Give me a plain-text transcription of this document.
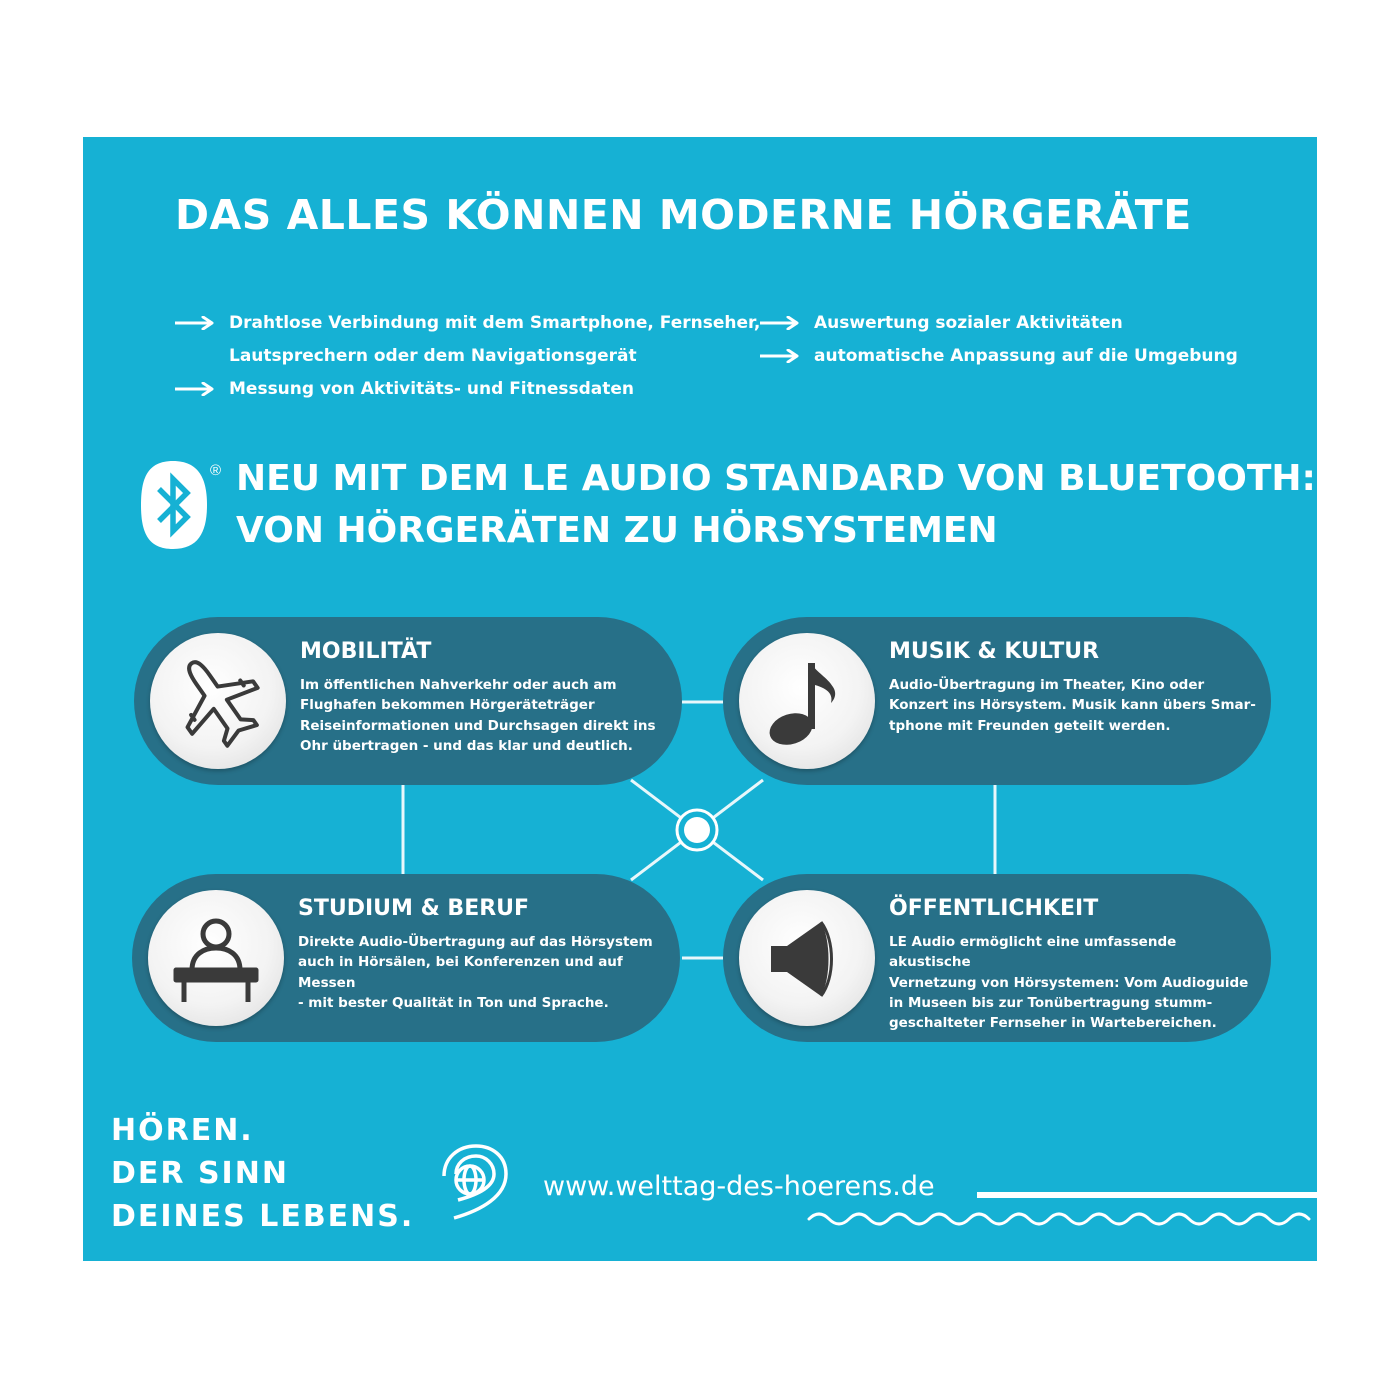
DAS ALLES KÖNNEN MODERNE HÖRGERÄTE
Drahtlose Verbindung mit dem Smartphone, Fernseher,
Lautsprechern oder dem Navigationsgerät
Messung von Aktivitäts- und Fitnessdaten
Auswertung sozialer Aktivitäten
automatische Anpassung auf die Umgebung
® NEU MIT DEM LE AUDIO STANDARD VON BLUETOOTH:
VON HÖRGERÄTEN ZU HÖRSYSTEMEN
MOBILITÄT

Im öffentlichen Nahverkehr oder auch am
Flughafen bekommen Hörgeräteträger
Reiseinformationen und Durchsagen direkt ins
Ohr übertragen - und das klar und deutlich.

MUSIK & KULTUR

Audio-Übertragung im Theater, Kino oder
Konzert ins Hörsystem. Musik kann übers Smar-
tphone mit Freunden geteilt werden.

STUDIUM & BERUF

Direkte Audio-Übertragung auf das Hörsystem
auch in Hörsälen, bei Konferenzen und auf Messen
- mit bester Qualität in Ton und Sprache.

ÖFFENTLICHKEIT

LE Audio ermöglicht eine umfassende akustische
Vernetzung von Hörsystemen: Vom Audioguide
in Museen bis zur Tonübertragung stumm-
geschalteter Fernseher in Wartebereichen.

HÖREN.
DER SINN
DEINES LEBENS.

www.welttag-des-hoerens.de
